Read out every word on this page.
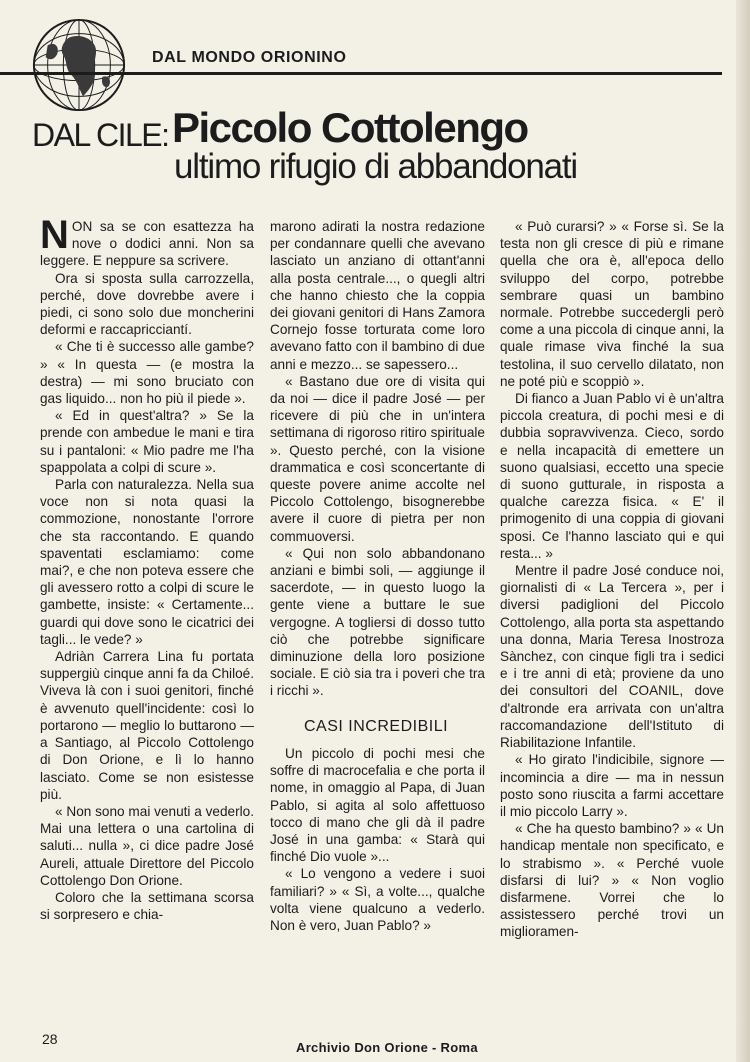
DAL MONDO ORIONINO
DAL CILE: Piccolo Cottolengo
ultimo rifugio di abbandonati

NON sa se con esattezza ha nove o dodici anni. Non sa leggere. E neppure sa scrivere.

Ora si sposta sulla carrozzella, perché, dove dovrebbe avere i piedi, ci sono solo due moncherini deformi e raccapricciantí.

« Che ti è successo alle gambe? » « In questa — (e mostra la destra) — mi sono bruciato con gas liquido... non ho più il piede ».

« Ed in quest'altra? » Se la prende con ambedue le mani e tira su i pantaloni: « Mio padre me l'ha spappolata a colpi di scure ».

Parla con naturalezza. Nella sua voce non si nota quasi la commozione, nonostante l'orrore che sta raccontando. E quando spaventati esclamiamo: come mai?, e che non poteva essere che gli avessero rotto a colpi di scure le gambette, insiste: « Certamente... guardi qui dove sono le cicatrici dei tagli... le vede? »

Adriàn Carrera Lina fu portata suppergiù cinque anni fa da Chiloé. Viveva là con i suoi genitori, finché è avvenuto quell'incidente: così lo portarono — meglio lo buttarono — a Santiago, al Piccolo Cottolengo di Don Orione, e lì lo hanno lasciato. Come se non esistesse più.

« Non sono mai venuti a vederlo. Mai una lettera o una cartolina di saluti... nulla », ci dice padre José Aureli, attuale Direttore del Piccolo Cottolengo Don Orione.

Coloro che la settimana scorsa si sorpresero e chia-

marono adirati la nostra redazione per condannare quelli che avevano lasciato un anziano di ottant'anni alla posta centrale..., o quegli altri che hanno chiesto che la coppia dei giovani genitori di Hans Zamora Cornejo fosse torturata come loro avevano fatto con il bambino di due anni e mezzo... se sapessero...

« Bastano due ore di visita qui da noi — dice il padre José — per ricevere di più che in un'intera settimana di rigoroso ritiro spirituale ». Questo perché, con la visione drammatica e così sconcertante di queste povere anime accolte nel Piccolo Cottolengo, bisognerebbe avere il cuore di pietra per non commuoversi.

« Qui non solo abbandonano anziani e bimbi soli, — aggiunge il sacerdote, — in questo luogo la gente viene a buttare le sue vergogne. A togliersi di dosso tutto ciò che potrebbe significare diminuzione della loro posizione sociale. E ciò sia tra i poveri che tra i ricchi ».

CASI INCREDIBILI

Un piccolo di pochi mesi che soffre di macrocefalia e che porta il nome, in omaggio al Papa, di Juan Pablo, si agita al solo affettuoso tocco di mano che gli dà il padre José in una gamba: « Starà qui finché Dio vuole »...

« Lo vengono a vedere i suoi familiari? » « Sì, a volte..., qualche volta viene qualcuno a vederlo. Non è vero, Juan Pablo? »

« Può curarsi? » « Forse sì. Se la testa non gli cresce di più e rimane quella che ora è, all'epoca dello sviluppo del corpo, potrebbe sembrare quasi un bambino normale. Potrebbe succedergli però come a una piccola di cinque anni, la quale rimase viva finché la sua testolina, il suo cervello dilatato, non ne poté più e scoppiò ».

Di fianco a Juan Pablo vi è un'altra piccola creatura, di pochi mesi e di dubbia sopravvivenza. Cieco, sordo e nella incapacità di emettere un suono qualsiasi, eccetto una specie di suono gutturale, in risposta a qualche carezza fisica. « E' il primogenito di una coppia di giovani sposi. Ce l'hanno lasciato qui e qui resta... »

Mentre il padre José conduce noi, giornalisti di « La Tercera », per i diversi padiglioni del Piccolo Cottolengo, alla porta sta aspettando una donna, Maria Teresa Inostroza Sànchez, con cinque figli tra i sedici e i tre anni di età; proviene da uno dei consultori del COANIL, dove d'altronde era arrivata con un'altra raccomandazione dell'Istituto di Riabilitazione Infantile.

« Ho girato l'indicibile, signore — incomincia a dire — ma in nessun posto sono riuscita a farmi accettare il mio piccolo Larry ».

« Che ha questo bambino? » « Un handicap mentale non specificato, e lo strabismo ». « Perché vuole disfarsi di lui? » « Non voglio disfarmene. Vorrei che lo assistessero perché trovi un miglioramen-

28
Archivio Don Orione - Roma
